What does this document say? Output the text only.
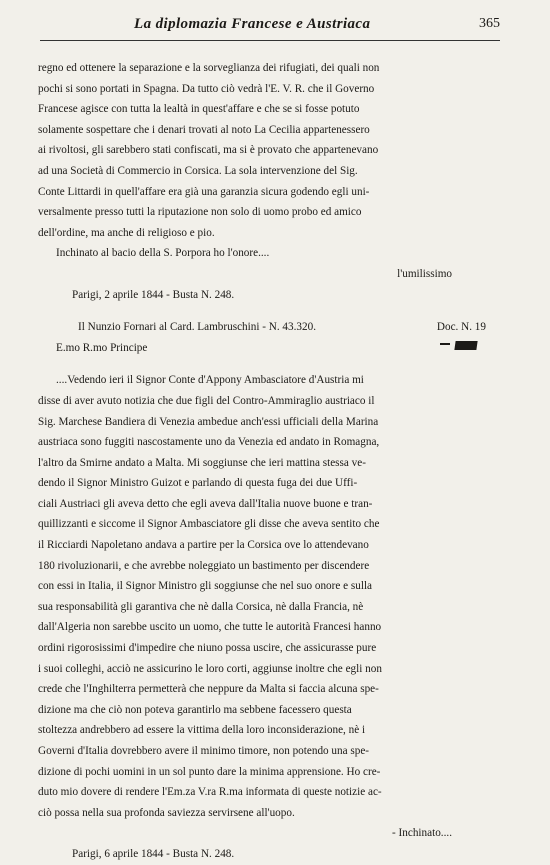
La diplomazia Francese e Austriaca	365
regno ed ottenere la separazione e la sorveglianza dei rifugiati, dei quali non
pochi si sono portati in Spagna. Da tutto ciò vedrà l'E. V. R. che il Governo
Francese agisce con tutta la lealtà in quest'affare e che se si fosse potuto
solamente sospettare che i denari trovati al noto La Cecilia appartenessero
ai rivoltosi, gli sarebbero stati confiscati, ma si è provato che appartenevano
ad una Società di Commercio in Corsica. La sola intervenzione del Sig.
Conte Littardi in quell'affare era già una garanzia sicura godendo egli uni-
versalmente presso tutti la riputazione non solo di uomo probo ed amico
dell'ordine, ma anche di religioso e pio.
Inchinato al bacio della S. Porpora ho l'onore....
l'umilissimo
Parigi, 2 aprile 1844 - Busta N. 248.
Il Nunzio Fornari al Card. Lambruschini - N. 43.320.	Doc. N. 19
E.mo R.mo Principe
....Vedendo ieri il Signor Conte d'Appony Ambasciatore d'Austria mi
disse di aver avuto notizia che due figli del Contro-Ammiraglio austriaco il
Sig. Marchese Bandiera di Venezia ambedue anch'essi ufficiali della Marina
austriaca sono fuggiti nascostamente uno da Venezia ed andato in Romagna,
l'altro da Smirne andato a Malta. Mi soggiunse che ieri mattina stessa ve-
dendo il Signor Ministro Guizot e parlando di questa fuga dei due Uffi-
ciali Austriaci gli aveva detto che egli aveva dall'Italia nuove buone e tran-
quillizzanti e siccome il Signor Ambasciatore gli disse che aveva sentito che
il Ricciardi Napoletano andava a partire per la Corsica ove lo attendevano
180 rivoluzionarii, e che avrebbe noleggiato un bastimento per discendere
con essi in Italia, il Signor Ministro gli soggiunse che nel suo onore e sulla
sua responsabilità gli garantiva che nè dalla Corsica, nè dalla Francia, nè
dall'Algeria non sarebbe uscito un uomo, che tutte le autorità Francesi hanno
ordini rigorosissimi d'impedire che niuno possa uscire, che assicurasse pure
i suoi colleghi, acciò ne assicurino le loro corti, aggiunse inoltre che egli non
crede che l'Inghilterra permetterà che neppure da Malta si faccia alcuna spe-
dizione ma che ciò non poteva garantirlo ma sebbene facessero questa
stoltezza andrebbero ad essere la vittima della loro inconsiderazione, nè i
Governi d'Italia dovrebbero avere il minimo timore, non potendo una spe-
dizione di pochi uomini in un sol punto dare la minima apprensione. Ho cre-
duto mio dovere di rendere l'Em.za V.ra R.ma informata di queste notizie ac-
ciò possa nella sua profonda saviezza servirsene all'uopo.
- Inchinato....
Parigi, 6 aprile 1844 - Busta N. 248.
